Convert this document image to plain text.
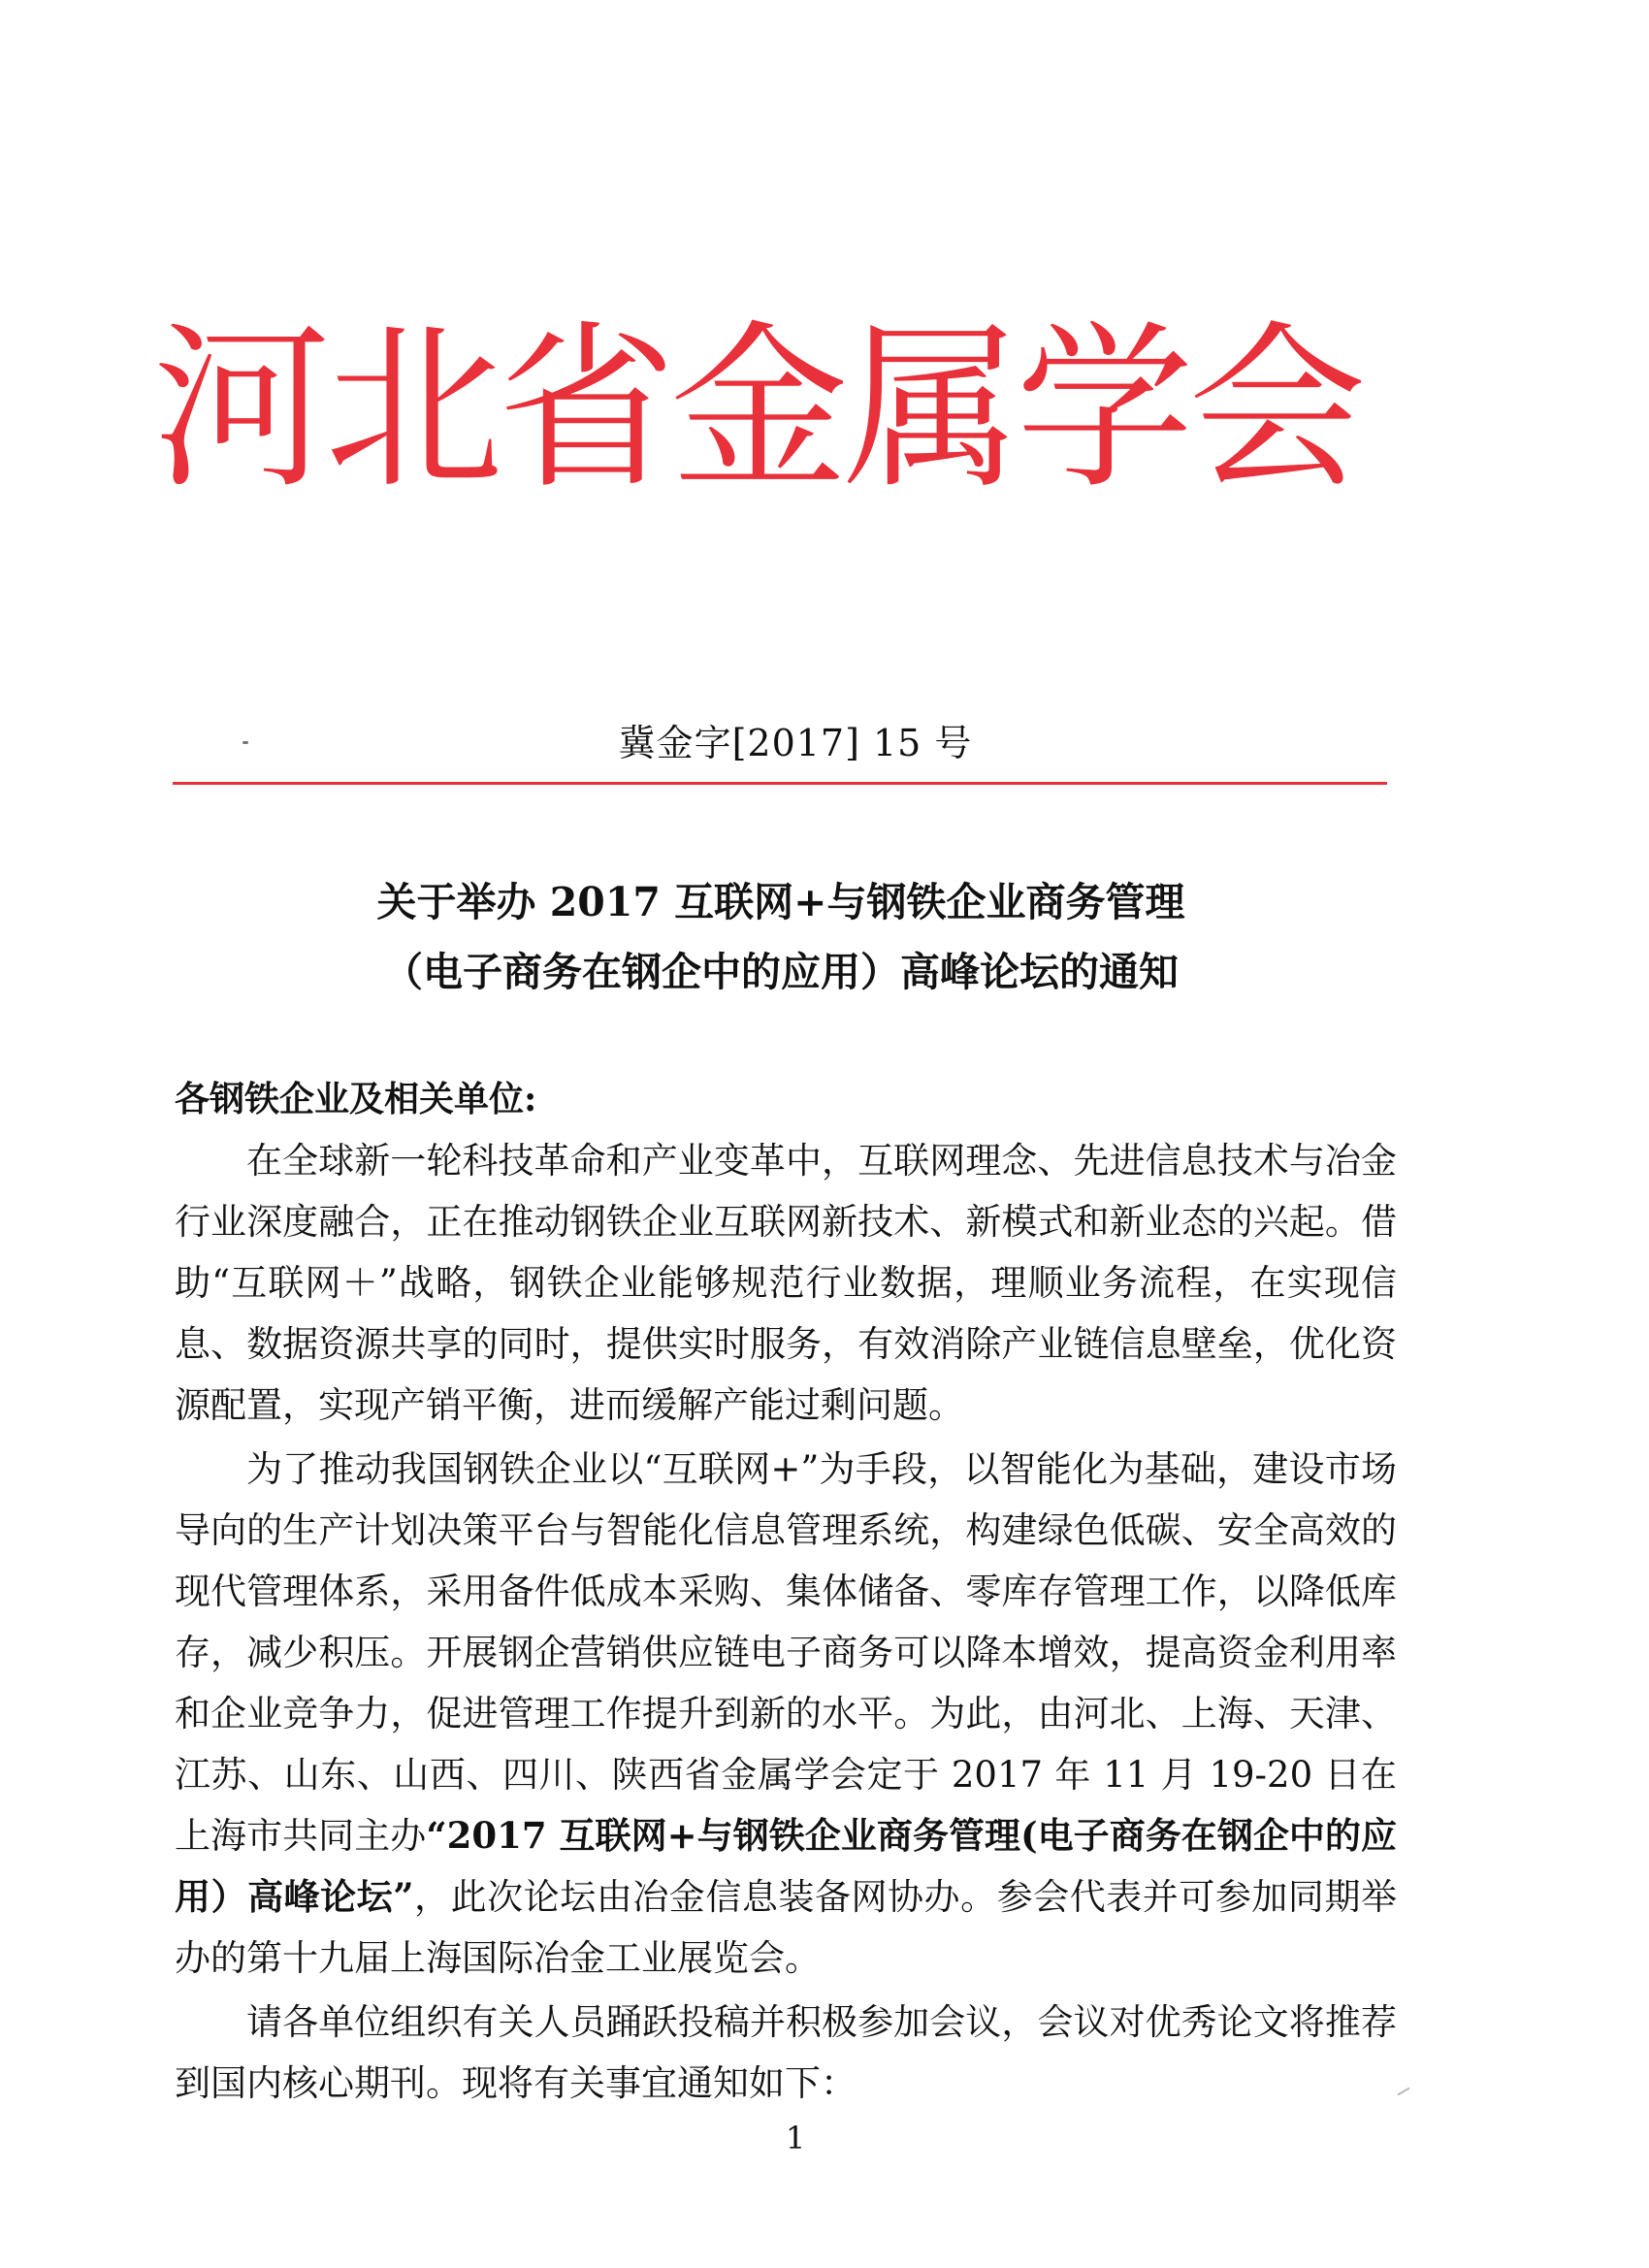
河北省金属学会
冀金字[2017] 15 号
关于举办 2017 互联网+与钢铁企业商务管理
（电子商务在钢企中的应用）高峰论坛的通知
各钢铁企业及相关单位:

在全球新一轮科技革命和产业变革中，互联网理念、先进信息技术与冶金行业深度融合，正在推动钢铁企业互联网新技术、新模式和新业态的兴起。借助“互联网＋”战略，钢铁企业能够规范行业数据，理顺业务流程，在实现信息、数据资源共享的同时，提供实时服务，有效消除产业链信息壁垒，优化资源配置，实现产销平衡，进而缓解产能过剩问题。

为了推动我国钢铁企业以“互联网+”为手段，以智能化为基础，建设市场导向的生产计划决策平台与智能化信息管理系统，构建绿色低碳、安全高效的现代管理体系，采用备件低成本采购、集体储备、零库存管理工作，以降低库存，减少积压。开展钢企营销供应链电子商务可以降本增效，提高资金利用率和企业竞争力，促进管理工作提升到新的水平。为此，由河北、上海、天津、江苏、山东、山西、四川、陕西省金属学会定于 2017 年 11 月 19-20 日在上海市共同主办“2017 互联网+与钢铁企业商务管理(电子商务在钢企中的应用）高峰论坛”，此次论坛由冶金信息装备网协办。参会代表并可参加同期举办的第十九届上海国际冶金工业展览会。

请各单位组织有关人员踊跃投稿并积极参加会议，会议对优秀论文将推荐到国内核心期刊。现将有关事宜通知如下：

1
